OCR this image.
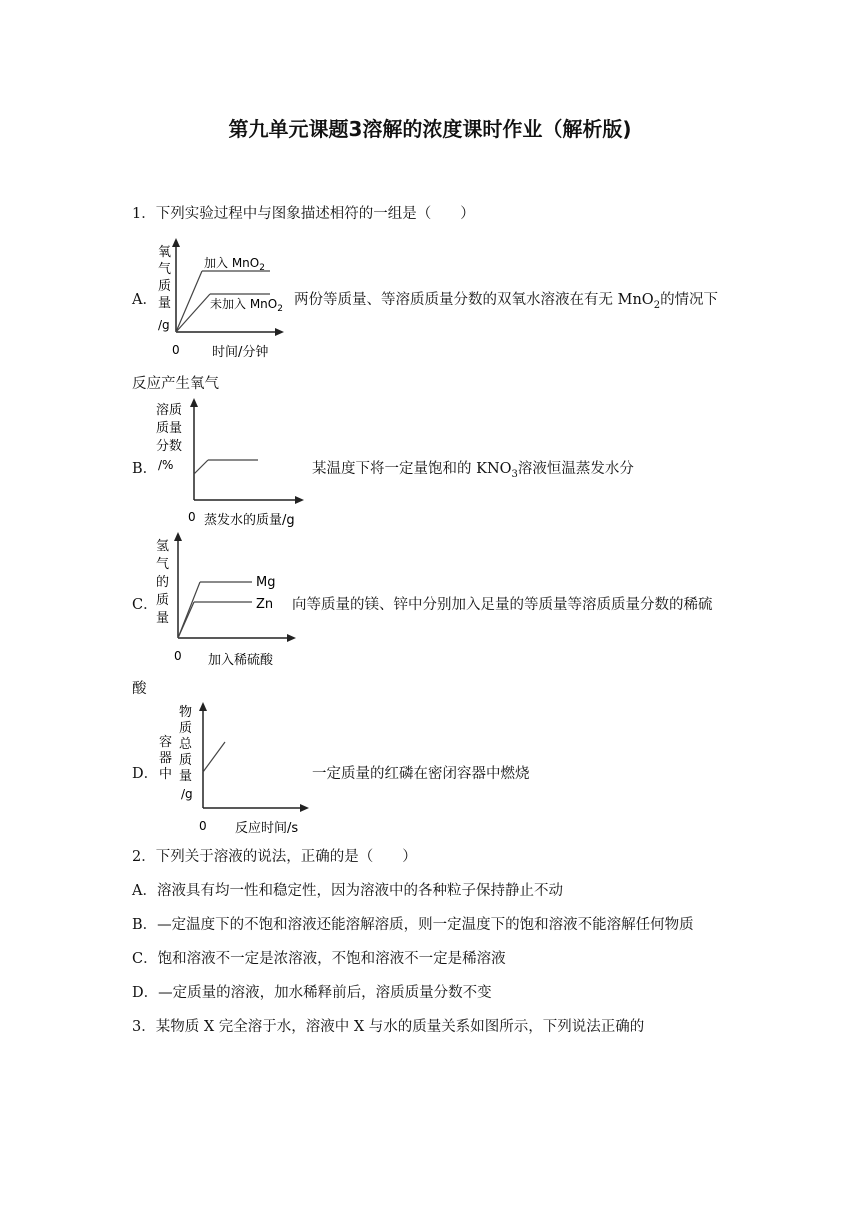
第九单元课题3溶解的浓度课时作业（解析版)
1．下列实验过程中与图象描述相符的一组是（　　）
A．
氧
气
质
量
/g
0 时间/分钟
加入 MnO$_2$
未加入 MnO$_2$
两份等质量、等溶质质量分数的双氧水溶液在有无 MnO$_2$的情况下
反应产生氧气
B．
溶质
质量
分数
/%
0 蒸发水的质量/g
某温度下将一定量饱和的 $KNO_3$溶液恒温蒸发水分
C．
氢
气
的
质
量
0 加入稀硫酸
Mg
Zn 向等质量的镁、锌中分别加入足量的等质量等溶质质量分数的稀硫
酸
D．
容
器
中
物
质
总
质
量
/g
0 反应时间/s
一定质量的红磷在密闭容器中燃烧
2．下列关于溶液的说法，正确的是（　　）
A．溶液具有均一性和稳定性，因为溶液中的各种粒子保持静止不动
B．—定温度下的不饱和溶液还能溶解溶质，则一定温度下的饱和溶液不能溶解任何物质
C．饱和溶液不一定是浓溶液，不饱和溶液不一定是稀溶液
D．—定质量的溶液，加水稀释前后，溶质质量分数不变
3．某物质 X 完全溶于水，溶液中 X 与水的质量关系如图所示，下列说法正确的
